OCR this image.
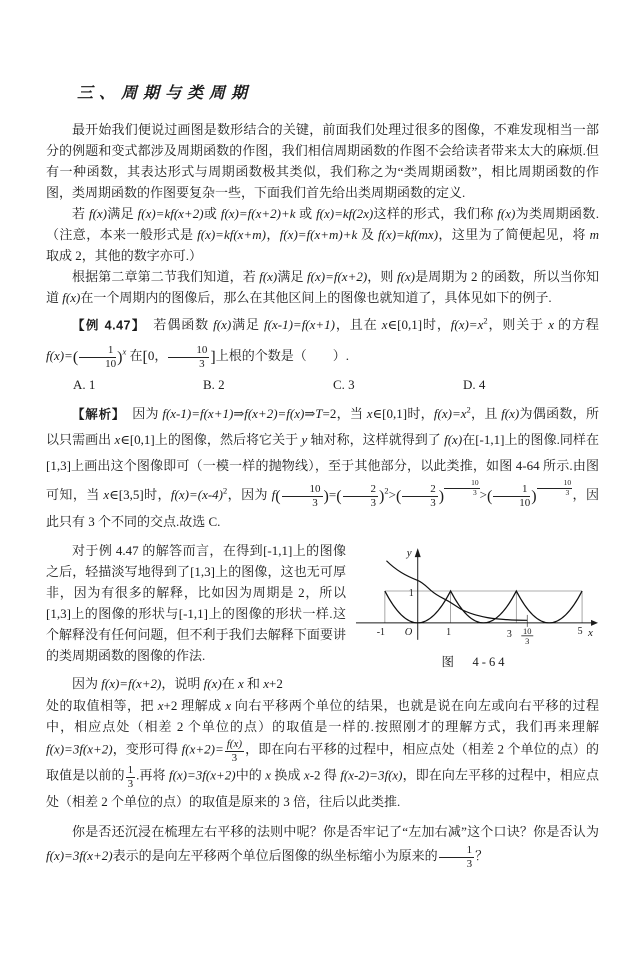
三、周期与类周期

最开始我们便说过画图是数形结合的关键，前面我们处理过很多的图像，不难发现相当一部分的例题和变式都涉及周期函数的作图，我们相信周期函数的作图不会给读者带来太大的麻烦.但有一种函数，其表达形式与周期函数极其类似，我们称之为“类周期函数”，相比周期函数的作图，类周期函数的作图要复杂一些，下面我们首先给出类周期函数的定义.

若 f(x)满足 f(x)=kf(x+2)或 f(x)=f(x+2)+k 或 f(x)=kf(2x)这样的形式，我们称 f(x)为类周期函数.（注意，本来一般形式是 f(x)=kf(x+m)，f(x)=f(x+m)+k 及 f(x)=kf(mx)，这里为了简便起见，将 m 取成 2，其他的数字亦可.）

根据第二章第二节我们知道，若 f(x)满足 f(x)=f(x+2)，则 f(x)是周期为 2 的函数，所以当你知道 f(x)在一个周期内的图像后，那么在其他区间上的图像也就知道了，具体见如下的例子.

【例 4.47】　若偶函数 f(x)满足 f(x-1)=f(x+1)，且在 x∈[0,1]时，$f(x)=x^2$，则关于 x 的方程 $f(x)=( \frac{1}{10} )^x$ 在[0， $\frac{10}{3}$ ]上根的个数是（　　）.

A. 1	B. 2	C. 3	D. 4

【解析】　因为 f(x-1)=f(x+1)⇒f(x+2)=f(x)⇒T=2，当 x∈[0,1]时，$f(x)=x^2$，且 f(x)为偶函数，所以只需画出 x∈[0,1]上的图像，然后将它关于 y 轴对称，这样就得到了 f(x)在[-1,1]上的图像.同样在[1,3]上画出这个图像即可（一模一样的抛物线），至于其他部分，以此类推，如图 4-64 所示.由图可知，当 x∈[3,5]时，$f(x)=(x-4)^2$，因为 $f( \frac{10}{3}$ )=( $\frac{2}{3} )^2>( \frac{2}{3}$ ) $^{\frac{10}{3}}$ >( $\frac{1}{10}$ ) $^{\frac{10}{3}}$ ，因此只有 3 个不同的交点.故选 C.

对于例 4.47 的解答而言，在得到[-1,1]上的图像之后，轻描淡写地得到了[1,3]上的图像，这也无可厚非，因为有很多的解释，比如因为周期是 2，所以[1,3]上的图像的形状与[-1,1]上的图像的形状一样.这个解释没有任何问题，但不利于我们去解释下面要讲的类周期函数的图像的作法.

y
x
O
1
-1	1	3	5
10
3
图　4-64

因为 f(x)=f(x+2)，说明 f(x)在 x 和 x+2

处的取值相等，把 x+2 理解成 x 向右平移两个单位的结果，也就是说在向左或向右平移的过程中，相应点处（相差 2 个单位的点）的取值是一样的.按照刚才的理解方式，我们再来理解 f(x)=3f(x+2)，变形可得 $f(x+2)= \frac{f(x)}{3}$ ，即在向右平移的过程中，相应点处（相差 2 个单位的点）的取值是以前的 $\frac{1}{3}$ .再将 f(x)=3f(x+2)中的 x 换成 x-2 得 f(x-2)=3f(x)，即在向左平移的过程中，相应点处（相差 2 个单位的点）的取值是原来的 3 倍，往后以此类推.

你是否还沉浸在梳理左右平移的法则中呢？你是否牢记了“左加右减”这个口诀？你是否认为 f(x)=3f(x+2)表示的是向左平移两个单位后图像的纵坐标缩小为原来的 $\frac{1}{3}$ ？
